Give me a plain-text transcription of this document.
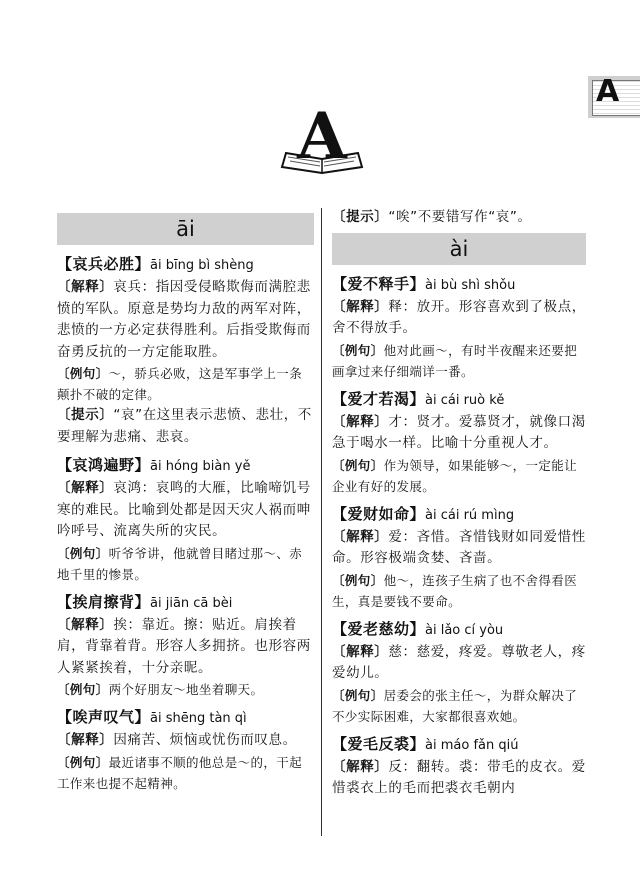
A
A
āi
【哀兵必胜】āi bīng bì shèng

〔解释〕哀兵：指因受侵略欺侮而满腔悲愤的军队。原意是势均力敌的两军对阵，悲愤的一方必定获得胜利。后指受欺侮而奋勇反抗的一方定能取胜。

〔例句〕～，骄兵必败，这是军事学上一条颠扑不破的定律。

〔提示〕“哀”在这里表示悲愤、悲壮，不要理解为悲痛、悲哀。

【哀鸿遍野】āi hóng biàn yě

〔解释〕哀鸿：哀鸣的大雁，比喻啼饥号寒的难民。比喻到处都是因天灾人祸而呻吟呼号、流离失所的灾民。

〔例句〕听爷爷讲，他就曾目睹过那～、赤地千里的惨景。

【挨肩擦背】āi jiān cā bèi

〔解释〕挨：靠近。擦：贴近。肩挨着肩，背靠着背。形容人多拥挤。也形容两人紧紧挨着，十分亲昵。

〔例句〕两个好朋友～地坐着聊天。

【唉声叹气】āi shēng tàn qì

〔解释〕因痛苦、烦恼或忧伤而叹息。

〔例句〕最近诸事不顺的他总是～的，干起工作来也提不起精神。

〔提示〕“唉”不要错写作“哀”。

ài
【爱不释手】ài bù shì shǒu

〔解释〕释：放开。形容喜欢到了极点，舍不得放手。

〔例句〕他对此画～，有时半夜醒来还要把画拿过来仔细端详一番。

【爱才若渴】ài cái ruò kě

〔解释〕才：贤才。爱慕贤才，就像口渴急于喝水一样。比喻十分重视人才。

〔例句〕作为领导，如果能够～，一定能让企业有好的发展。

【爱财如命】ài cái rú mìng

〔解释〕爱：吝惜。吝惜钱财如同爱惜性命。形容极端贪婪、吝啬。

〔例句〕他～，连孩子生病了也不舍得看医生，真是要钱不要命。

【爱老慈幼】ài lǎo cí yòu

〔解释〕慈：慈爱，疼爱。尊敬老人，疼爱幼儿。

〔例句〕居委会的张主任～，为群众解决了不少实际困难，大家都很喜欢她。

【爱毛反裘】ài máo fǎn qiú

〔解释〕反：翻转。裘：带毛的皮衣。爱惜裘衣上的毛而把裘衣毛朝内
